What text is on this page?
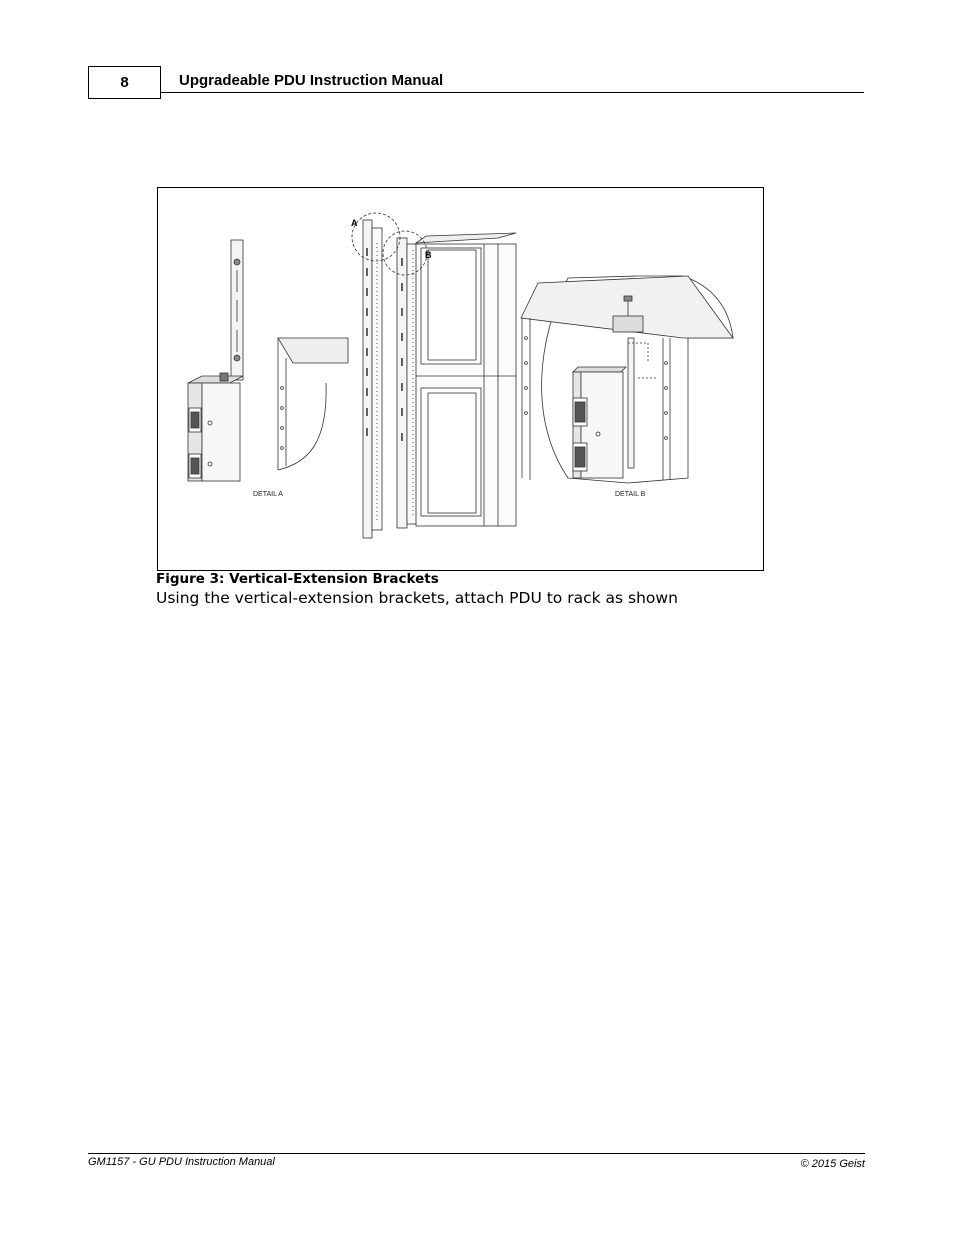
8	Upgradeable PDU Instruction Manual
A
B
DETAIL A	DETAIL B
Figure 3: Vertical-Extension Brackets
Using the vertical-extension brackets, attach PDU to rack as shown
GM1157 - GU PDU Instruction Manual	© 2015 Geist
